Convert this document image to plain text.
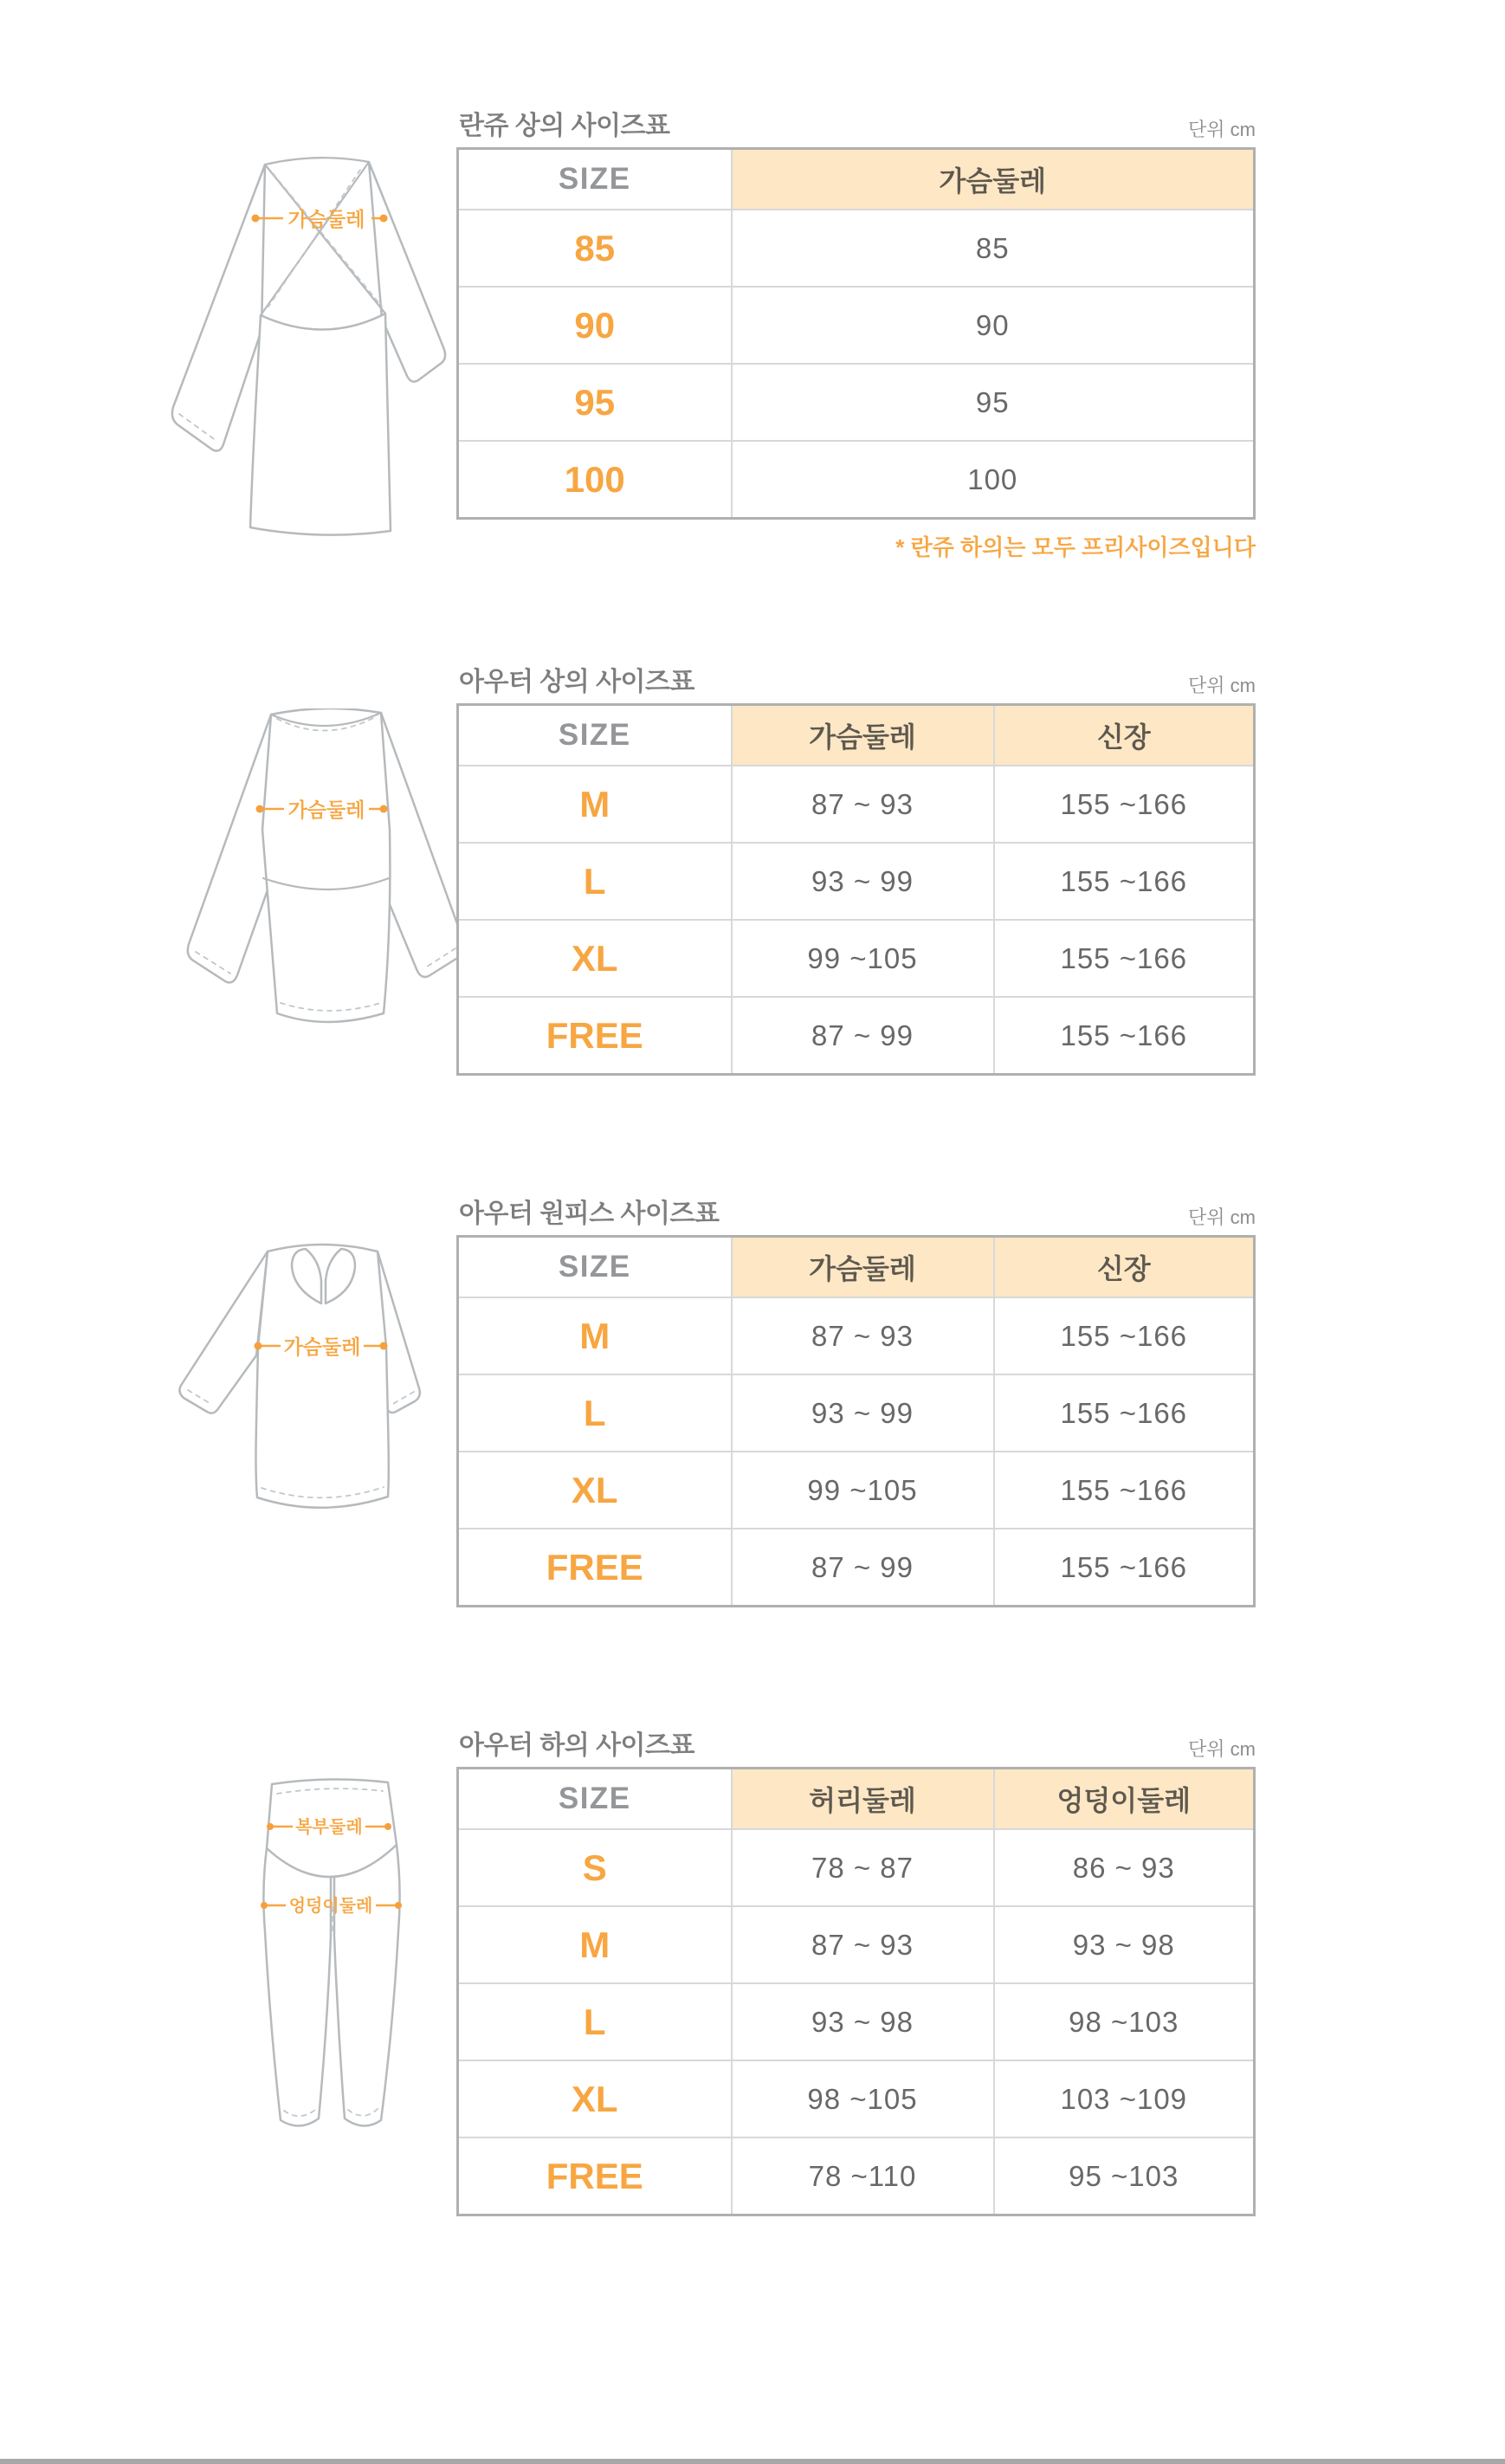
란쥬 상의 사이즈표	단위 cm
가슴둘레
SIZE	가슴둘레
85	85
90	90
95	95
100	100
* 란쥬 하의는 모두 프리사이즈입니다
아우터 상의 사이즈표	단위 cm
가슴둘레
SIZE	가슴둘레	신장
M	87 ~ 93	155 ~166
L	93 ~ 99	155 ~166
XL	99 ~105	155 ~166
FREE	87 ~ 99	155 ~166
아우터 원피스 사이즈표	단위 cm
가슴둘레
SIZE	가슴둘레	신장
M	87 ~ 93	155 ~166
L	93 ~ 99	155 ~166
XL	99 ~105	155 ~166
FREE	87 ~ 99	155 ~166
아우터 하의 사이즈표	단위 cm
복부둘레
엉덩이둘레
SIZE	허리둘레	엉덩이둘레
S	78 ~ 87	86 ~ 93
M	87 ~ 93	93 ~ 98
L	93 ~ 98	98 ~103
XL	98 ~105	103 ~109
FREE	78 ~110	95 ~103
